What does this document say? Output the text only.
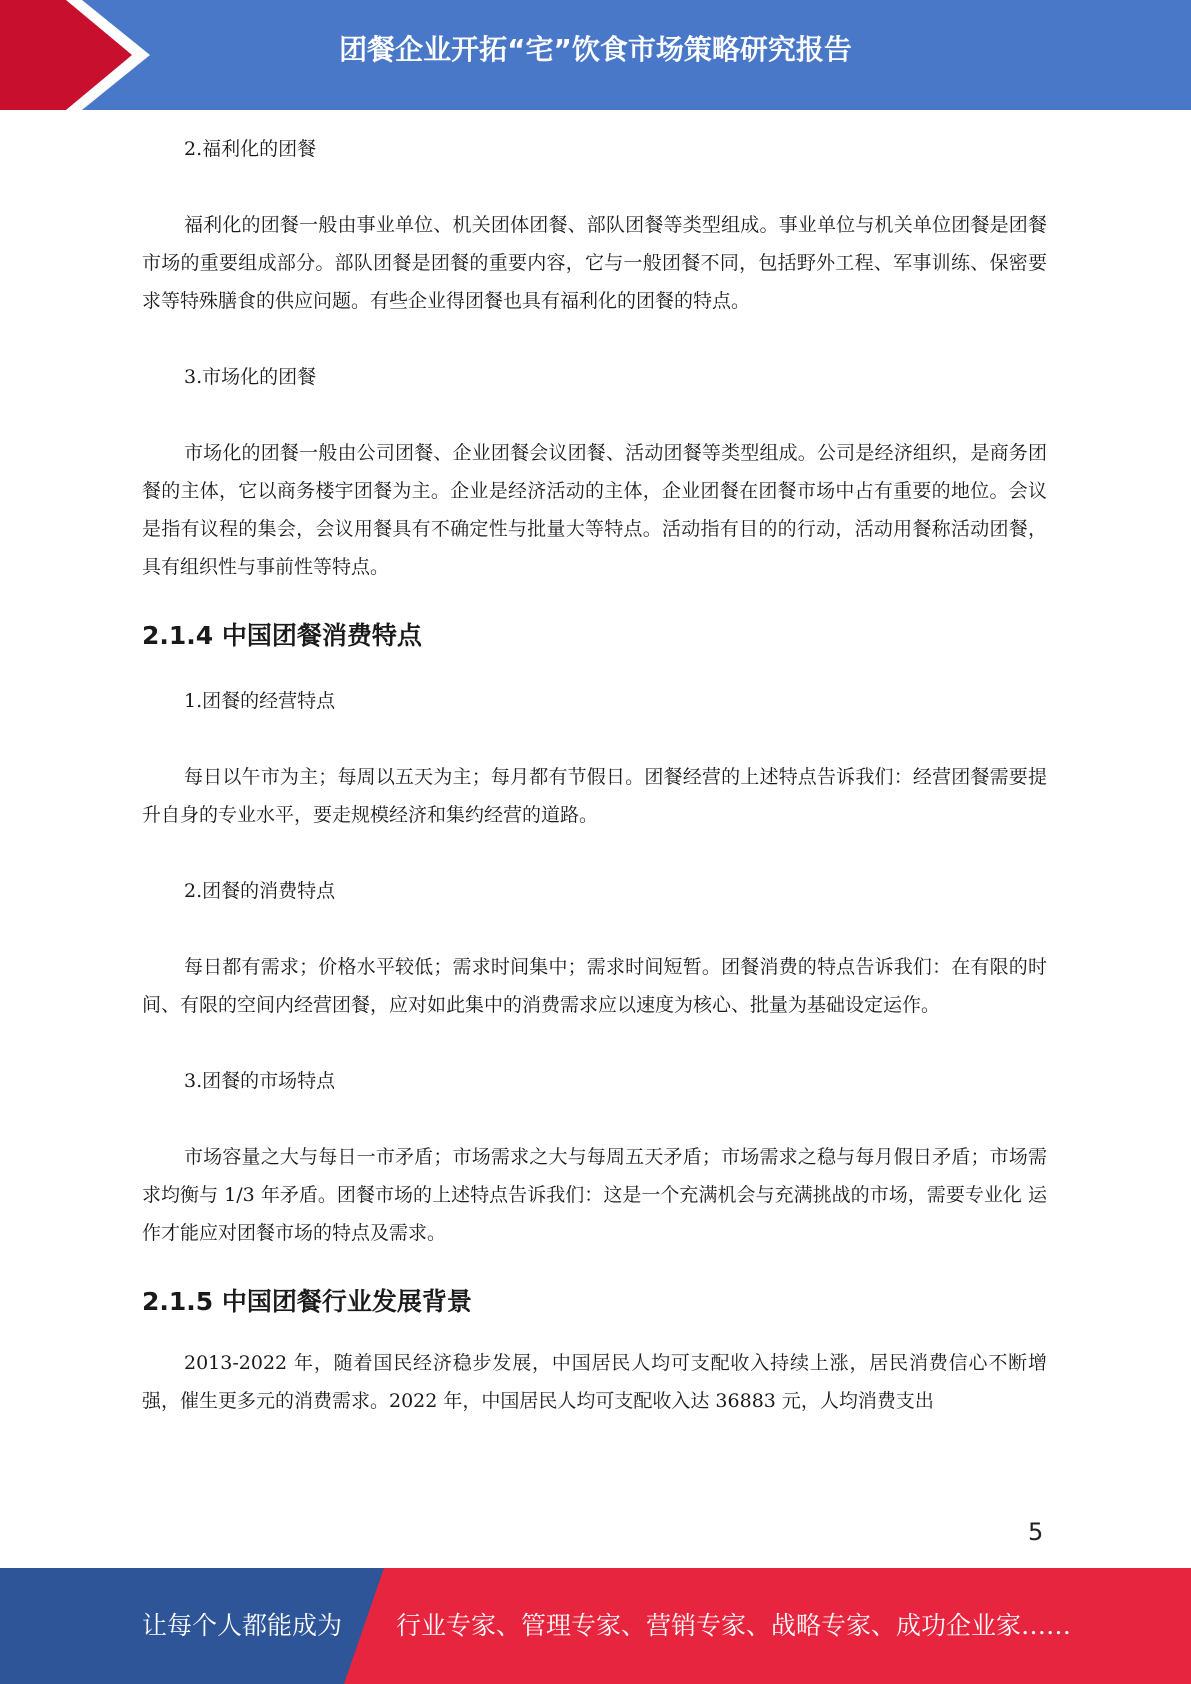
团餐企业开拓“宅”饮食市场策略研究报告

2.福利化的团餐

福利化的团餐一般由事业单位、机关团体团餐、部队团餐等类型组成。事业单位与机关单位团餐是团餐市场的重要组成部分。部队团餐是团餐的重要内容，它与一般团餐不同，包括野外工程、军事训练、保密要求等特殊膳食的供应问题。有些企业得团餐也具有福利化的团餐的特点。

3.市场化的团餐

市场化的团餐一般由公司团餐、企业团餐会议团餐、活动团餐等类型组成。公司是经济组织，是商务团餐的主体，它以商务楼宇团餐为主。企业是经济活动的主体，企业团餐在团餐市场中占有重要的地位。会议是指有议程的集会，会议用餐具有不确定性与批量大等特点。活动指有目的的行动，活动用餐称活动团餐，具有组织性与事前性等特点。

2.1.4 中国团餐消费特点

1.团餐的经营特点

每日以午市为主；每周以五天为主；每月都有节假日。团餐经营的上述特点告诉我们：经营团餐需要提升自身的专业水平，要走规模经济和集约经营的道路。

2.团餐的消费特点

每日都有需求；价格水平较低；需求时间集中；需求时间短暂。团餐消费的特点告诉我们：在有限的时间、有限的空间内经营团餐，应对如此集中的消费需求应以速度为核心、批量为基础设定运作。

3.团餐的市场特点

市场容量之大与每日一市矛盾；市场需求之大与每周五天矛盾；市场需求之稳与每月假日矛盾；市场需求均衡与 1/3 年矛盾。团餐市场的上述特点告诉我们：这是一个充满机会与充满挑战的市场，需要专业化 运作才能应对团餐市场的特点及需求。

2.1.5 中国团餐行业发展背景

2013-2022 年，随着国民经济稳步发展，中国居民人均可支配收入持续上涨，居民消费信心不断增强，催生更多元的消费需求。2022 年，中国居民人均可支配收入达 36883 元，人均消费支出

5
让每个人都能成为 行业专家、管理专家、营销专家、战略专家、成功企业家……
